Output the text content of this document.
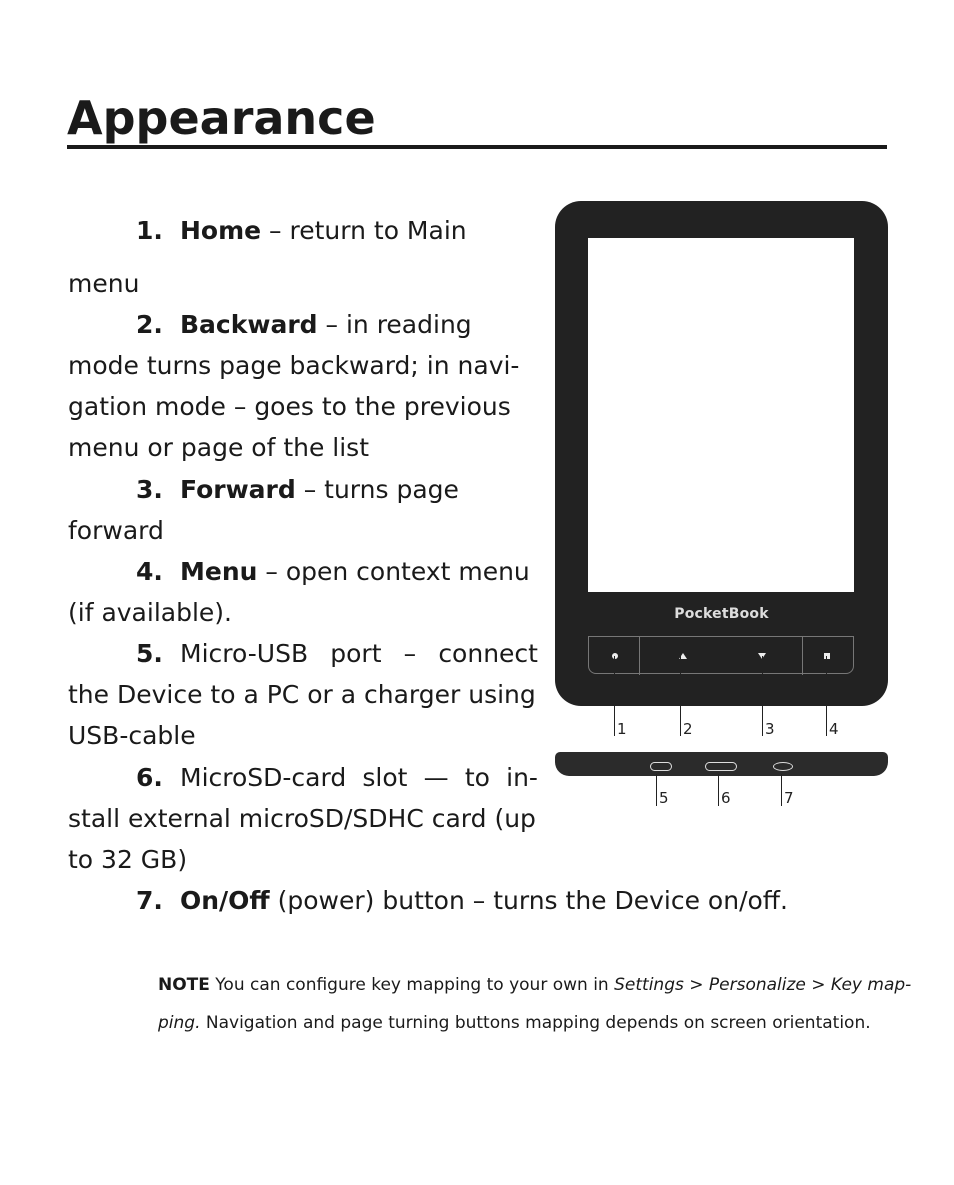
Appearance
1. Home – return to Main
menu
2. Backward – in reading
mode turns page backward; in navi-
gation mode – goes to the previous
menu or page of the list
3. Forward – turns page
forward
4. Menu – open context menu
(if available).
5. Micro-USB port – connect
the Device to a PC or a charger using
USB-cable
6. MicroSD-card slot — to in-
stall external microSD/SDHC card (up
to 32 GB)
7. On/Off (power) button – turns the Device on/off.
PocketBook
1	2	3	4
5	6	7
NOTE You can configure key mapping to your own in Settings > Personalize > Key map-
ping. Navigation and page turning buttons mapping depends on screen orientation.
